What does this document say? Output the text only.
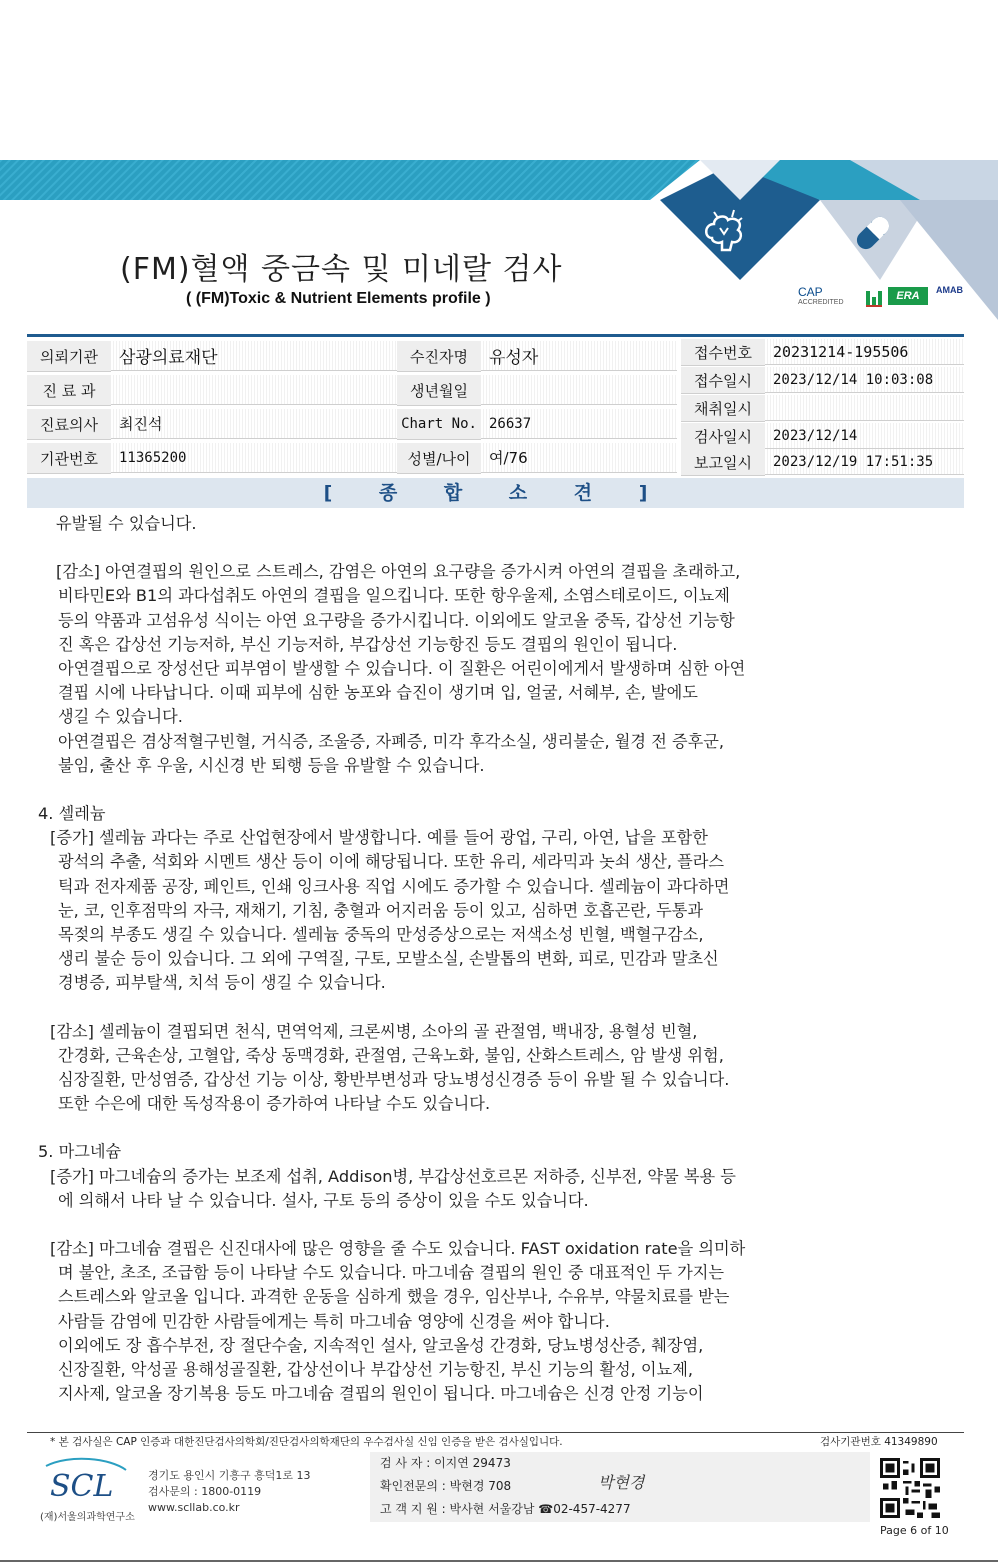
(FM)혈액 중금속 및 미네랄 검사
( (FM)Toxic & Nutrient Elements profile )	CAP
ACCREDITED
ERA	AMAB
의뢰기관	삼광의료재단
진 료 과
진료의사	최진석
기관번호	11365200
수진자명	유성자
생년월일
Chart No. 26637
성별/나이	여/76
접수번호	20231214-195506
접수일시	2023/12/14 10:03:08
채취일시
검사일시	2023/12/14
보고일시	2023/12/19 17:51:35
[ 종 합 소 견 ]

유발될 수 있습니다.

[감소] 아연결핍의 원인으로 스트레스, 감염은 아연의 요구량을 증가시켜 아연의 결핍을 초래하고,

비타민E와 B1의 과다섭취도 아연의 결핍을 일으킵니다. 또한 항우울제, 소염스테로이드, 이뇨제

등의 약품과 고섬유성 식이는 아연 요구량을 증가시킵니다. 이외에도 알코올 중독, 갑상선 기능항

진 혹은 갑상선 기능저하, 부신 기능저하, 부갑상선 기능항진 등도 결핍의 원인이 됩니다.

아연결핍으로 장성선단 피부염이 발생할 수 있습니다. 이 질환은 어린이에게서 발생하며 심한 아연

결핍 시에 나타납니다. 이때 피부에 심한 농포와 습진이 생기며 입, 얼굴, 서혜부, 손, 발에도

생길 수 있습니다.

아연결핍은 겸상적혈구빈혈, 거식증, 조울증, 자폐증, 미각 후각소실, 생리불순, 월경 전 증후군,

불임, 출산 후 우울, 시신경 반 퇴행 등을 유발할 수 있습니다.

4. 셀레늄

[증가] 셀레늄 과다는 주로 산업현장에서 발생합니다. 예를 들어 광업, 구리, 아연, 납을 포함한

광석의 추출, 석회와 시멘트 생산 등이 이에 해당됩니다. 또한 유리, 세라믹과 놋쇠 생산, 플라스

틱과 전자제품 공장, 페인트, 인쇄 잉크사용 직업 시에도 증가할 수 있습니다. 셀레늄이 과다하면

눈, 코, 인후점막의 자극, 재채기, 기침, 충혈과 어지러움 등이 있고, 심하면 호흡곤란, 두통과

목젖의 부종도 생길 수 있습니다. 셀레늄 중독의 만성증상으로는 저색소성 빈혈, 백혈구감소,

생리 불순 등이 있습니다. 그 외에 구역질, 구토, 모발소실, 손발톱의 변화, 피로, 민감과 말초신

경병증, 피부탈색, 치석 등이 생길 수 있습니다.

[감소] 셀레늄이 결핍되면 천식, 면역억제, 크론씨병, 소아의 골 관절염, 백내장, 용혈성 빈혈,

간경화, 근육손상, 고혈압, 죽상 동맥경화, 관절염, 근육노화, 불임, 산화스트레스, 암 발생 위험,

심장질환, 만성염증, 갑상선 기능 이상, 황반부변성과 당뇨병성신경증 등이 유발 될 수 있습니다.

또한 수은에 대한 독성작용이 증가하여 나타날 수도 있습니다.

5. 마그네슘

[증가] 마그네슘의 증가는 보조제 섭취, Addison병, 부갑상선호르몬 저하증, 신부전, 약물 복용 등

에 의해서 나타 날 수 있습니다. 설사, 구토 등의 증상이 있을 수도 있습니다.

[감소] 마그네슘 결핍은 신진대사에 많은 영향을 줄 수도 있습니다. FAST oxidation rate을 의미하

며 불안, 초조, 조급함 등이 나타날 수도 있습니다. 마그네슘 결핍의 원인 중 대표적인 두 가지는

스트레스와 알코올 입니다. 과격한 운동을 심하게 했을 경우, 임산부나, 수유부, 약물치료를 받는

사람들 감염에 민감한 사람들에게는 특히 마그네슘 영양에 신경을 써야 합니다.

이외에도 장 흡수부전, 장 절단수술, 지속적인 설사, 알코올성 간경화, 당뇨병성산증, 췌장염,

신장질환, 악성골 용해성골질환, 갑상선이나 부갑상선 기능항진, 부신 기능의 활성, 이뇨제,

지사제, 알코올 장기복용 등도 마그네슘 결핍의 원인이 됩니다. 마그네슘은 신경 안정 기능이

* 본 검사실은 CAP 인증과 대한진단검사의학회/진단검사의학재단의 우수검사실 신임 인증을 받은 검사실입니다.	검사기관번호 41349890
SCL
(재)서울의과학연구소
경기도 용인시 기흥구 흥덕1로 13
검사문의 : 1800-0119
www.scllab.co.kr

검 사 자 : 이지연 29473

확인전문의 : 박현경 708

고 객 지 원 : 박사현 서울강남 ☎02-457-4277

박현경
Page 6 of 10
